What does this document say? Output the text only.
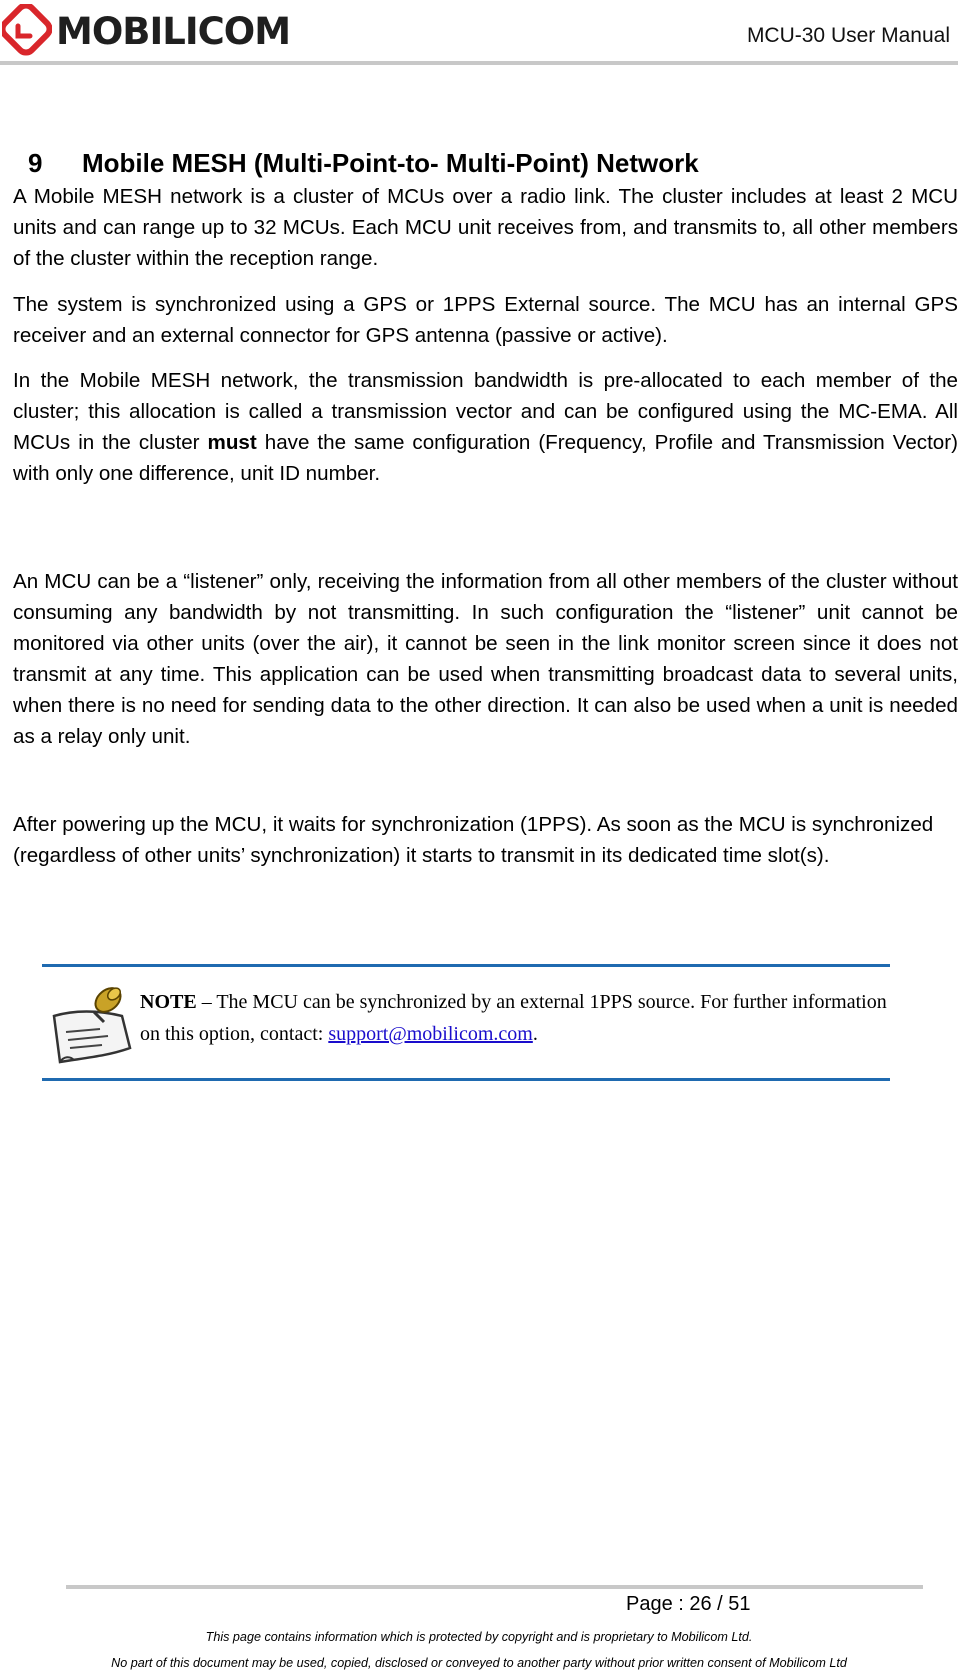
MOBILICOM	MCU-30 User Manual
9 Mobile MESH (Multi-Point-to- Multi-Point) Network

A Mobile MESH network is a cluster of MCUs over a radio link. The cluster includes at least 2 MCU units and can range up to 32 MCUs. Each MCU unit receives from, and transmits to, all other members of the cluster within the reception range.

The system is synchronized using a GPS or 1PPS External source. The MCU has an internal GPS receiver and an external connector for GPS antenna (passive or active).

In the Mobile MESH network, the transmission bandwidth is pre-allocated to each member of the cluster; this allocation is called a transmission vector and can be configured using the MC-EMA. All MCUs in the cluster must have the same configuration (Frequency, Profile and Transmission Vector) with only one difference, unit ID number.

An MCU can be a “listener” only, receiving the information from all other members of the cluster without consuming any bandwidth by not transmitting. In such configuration the “listener” unit cannot be monitored via other units (over the air), it cannot be seen in the link monitor screen since it does not transmit at any time. This application can be used when transmitting broadcast data to several units, when there is no need for sending data to the other direction. It can also be used when a unit is needed as a relay only unit.

After powering up the MCU, it waits for synchronization (1PPS). As soon as the MCU is synchronized (regardless of other units’ synchronization) it starts to transmit in its dedicated time slot(s).

NOTE – The MCU can be synchronized by an external 1PPS source. For further information on this option, contact: support@mobilicom.com.

Page : 26 / 51
This page contains information which is protected by copyright and is proprietary to Mobilicom Ltd.
No part of this document may be used, copied, disclosed or conveyed to another party without prior written consent of Mobilicom Ltd
